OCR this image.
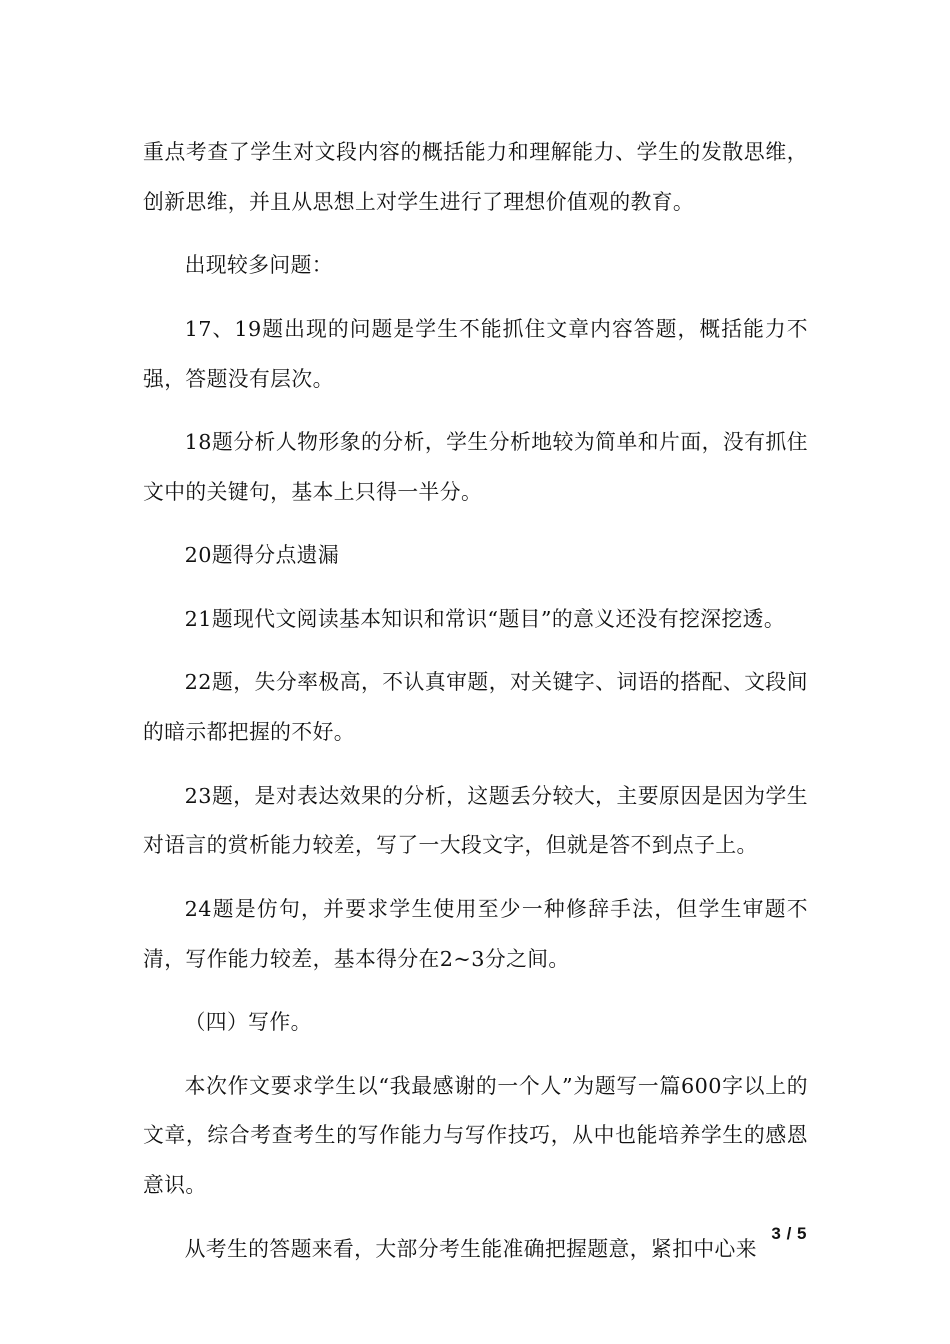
重点考查了学生对文段内容的概括能力和理解能力、学生的发散思维，创新思维，并且从思想上对学生进行了理想价值观的教育。

出现较多问题：

17、19题出现的问题是学生不能抓住文章内容答题，概括能力不强，答题没有层次。

18题分析人物形象的分析，学生分析地较为简单和片面，没有抓住文中的关键句，基本上只得一半分。

20题得分点遗漏

21题现代文阅读基本知识和常识“题目”的意义还没有挖深挖透。

22题，失分率极高，不认真审题，对关键字、词语的搭配、文段间的暗示都把握的不好。

23题，是对表达效果的分析，这题丢分较大，主要原因是因为学生对语言的赏析能力较差，写了一大段文字，但就是答不到点子上。

24题是仿句，并要求学生使用至少一种修辞手法，但学生审题不清，写作能力较差，基本得分在2~3分之间。

（四）写作。

本次作文要求学生以“我最感谢的一个人”为题写一篇600字以上的文章，综合考查考生的写作能力与写作技巧，从中也能培养学生的感恩意识。

从考生的答题来看，大部分考生能准确把握题意，紧扣中心来

3 / 5
